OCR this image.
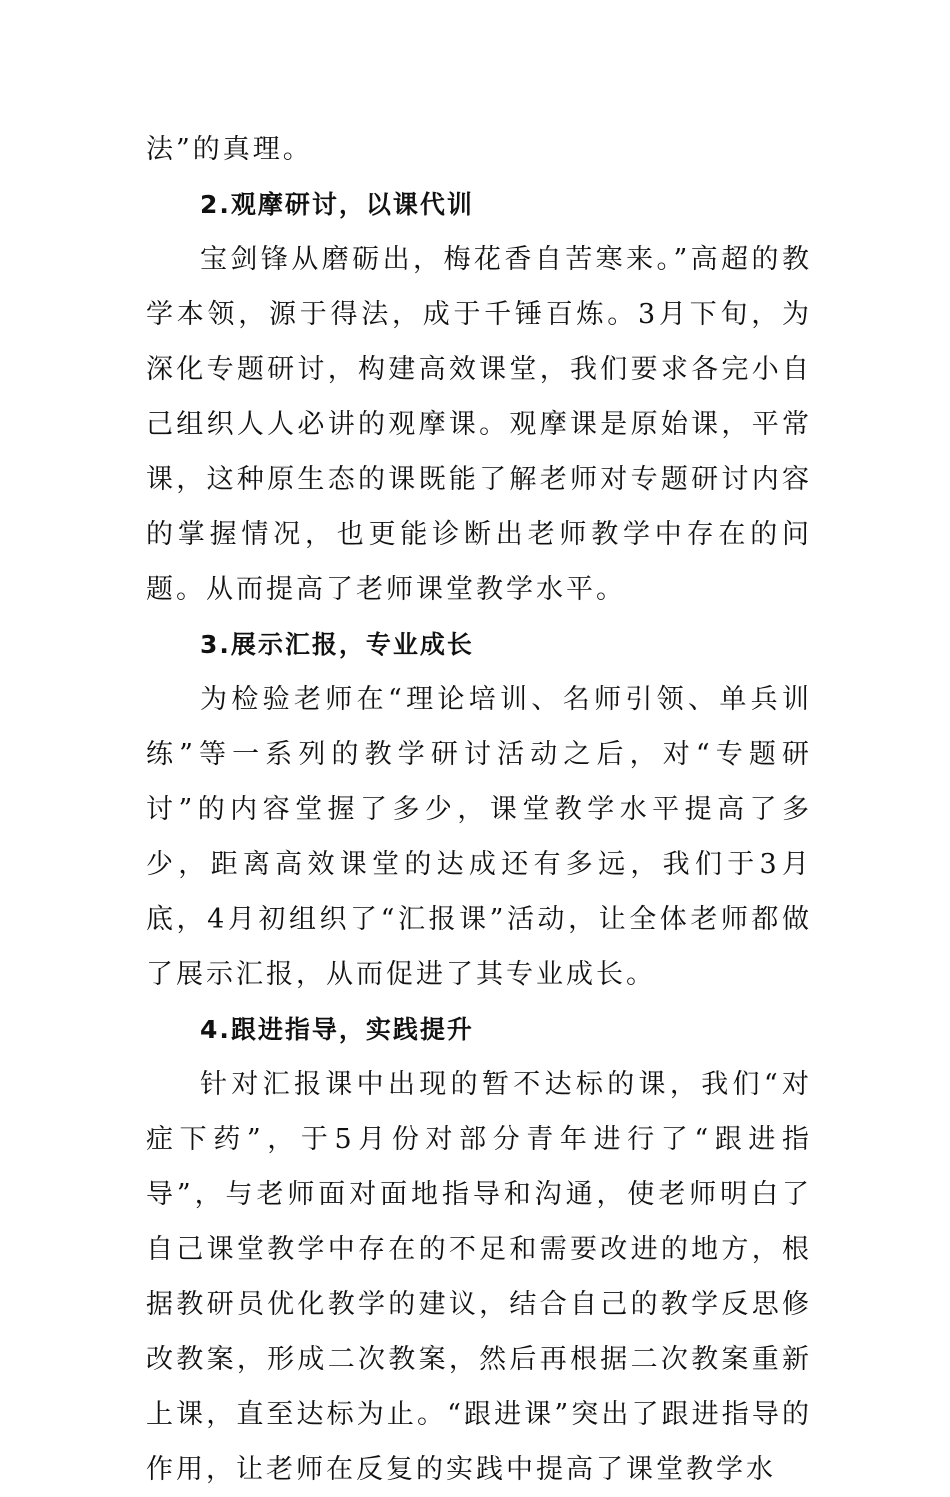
法”的真理。

2.观摩研讨，以课代训

宝剑锋从磨砺出，梅花香自苦寒来。”高超的教学本领，源于得法，成于千锤百炼。3月下旬，为深化专题研讨，构建高效课堂，我们要求各完小自己组织人人必讲的观摩课。观摩课是原始课，平常课，这种原生态的课既能了解老师对专题研讨内容的掌握情况，也更能诊断出老师教学中存在的问题。从而提高了老师课堂教学水平。

3.展示汇报，专业成长

为检验老师在“理论培训、名师引领、单兵训练”等一系列的教学研讨活动之后，对“专题研讨”的内容堂握了多少，课堂教学水平提高了多少，距离高效课堂的达成还有多远，我们于3月底，4月初组织了“汇报课”活动，让全体老师都做了展示汇报，从而促进了其专业成长。

4.跟进指导，实践提升

针对汇报课中出现的暂不达标的课，我们“对症下药”，于5月份对部分青年进行了“跟进指导”，与老师面对面地指导和沟通，使老师明白了自己课堂教学中存在的不足和需要改进的地方，根据教研员优化教学的建议，结合自己的教学反思修改教案，形成二次教案，然后再根据二次教案重新上课，直至达标为止。“跟进课”突出了跟进指导的作用，让老师在反复的实践中提高了课堂教学水
